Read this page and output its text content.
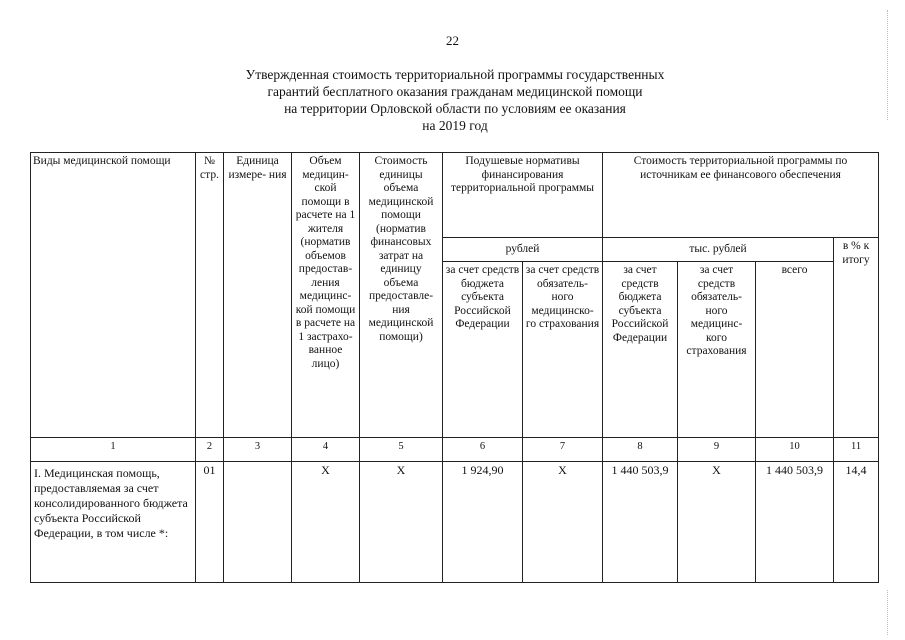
22
Утвержденная стоимость территориальной программы государственных
гарантий бесплатного оказания гражданам медицинской помощи
на территории Орловской области по условиям ее оказания
на 2019 год
Виды медицинской помощи	№ стр.	Единица измере- ния	Объем медицин- ской помощи в расчете на 1 жителя (норматив объемов предостав- ления медицинс- кой помощи в расчете на 1 застрахо- ванное лицо)	Стоимость единицы объема медицинской помощи (норматив финансовых затрат на единицу объема предоставле- ния медицинской помощи)	Подушевые нормативы финансирования территориальной программы		Стоимость территориальной программы по источникам ее финансового обеспечения			
					рублей		тыс. рублей			в % к итогу
					за счет средств бюджета субъекта Российской Федерации	за счет средств обязатель- ного медицинско- го страхования	за счет средств бюджета субъекта Российской Федерации	за счет средств обязатель- ного медицинс- кого страхования	всего	
1	2	3	4	5	6	7	8	9	10	11
I. Медицинская помощь, предоставляемая за счет консолидированного бюджета субъекта Российской Федерации, в том числе *:	01		Х	Х	1 924,90	Х	1 440 503,9	Х	1 440 503,9	14,4
